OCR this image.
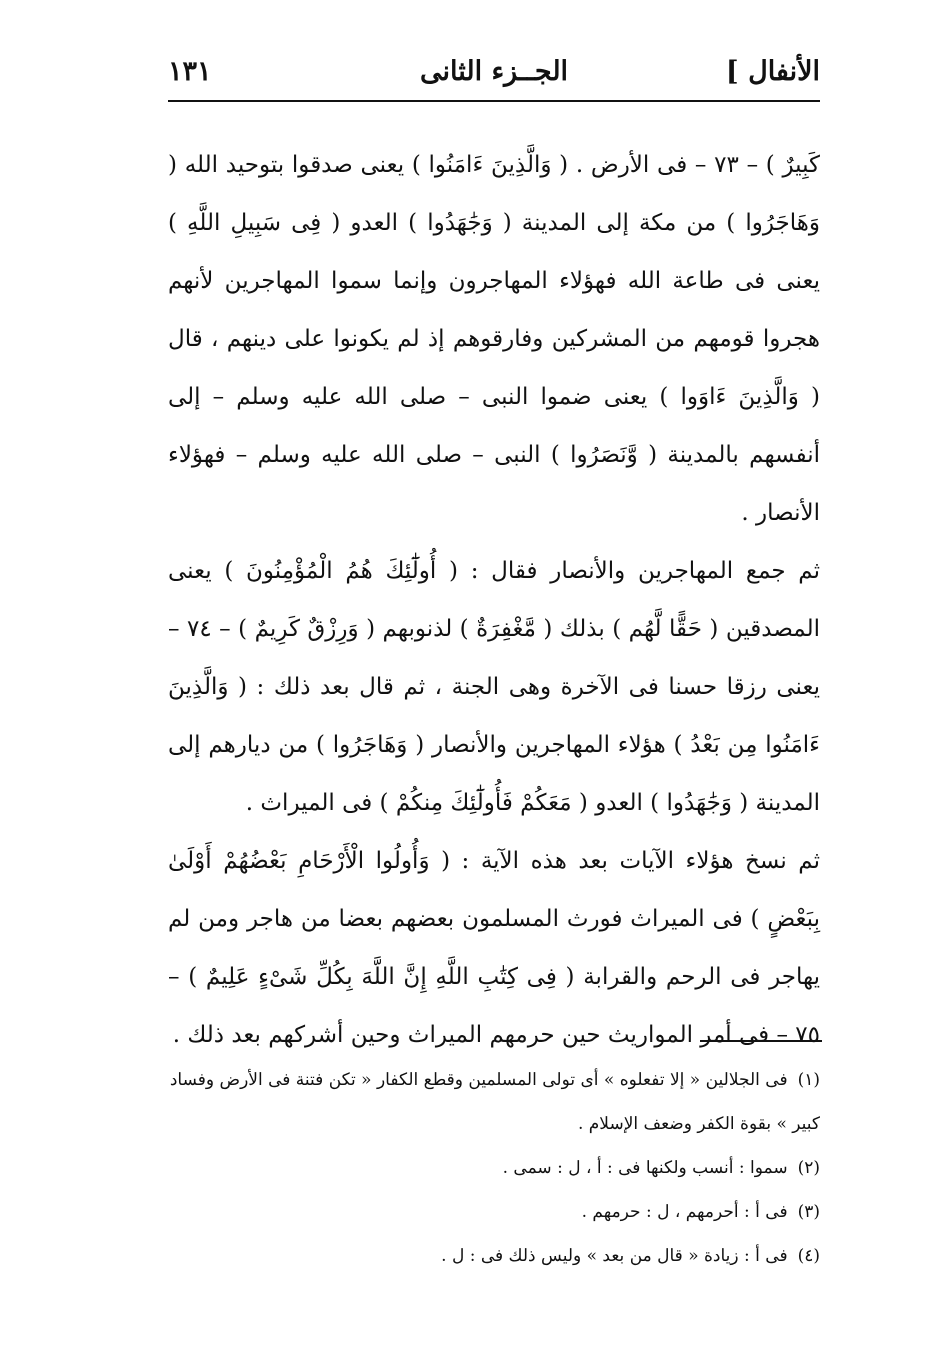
الأنفال ]
الجــزء الثانى
١٣١

كَبِيرٌ ) – ٧٣ – فى الأرض . ( وَالَّذِينَ ءَامَنُوا ) يعنى صدقوا بتوحيد الله ( وَهَاجَرُوا ) من مكة إلى المدينة ( وَجَٰهَدُوا ) العدو ( فِى سَبِيلِ اللَّهِ ) يعنى فى طاعة الله فهؤلاء المهاجرون وإنما سموا المهاجرين لأنهم هجروا قومهم من المشركين وفارقوهم إذ لم يكونوا على دينهم ، قال ( وَالَّذِينَ ءَاوَوا ) يعنى ضموا النبى – صلى الله عليه وسلم – إلى أنفسهم بالمدينة ( وَّنَصَرُوا ) النبى – صلى الله عليه وسلم – فهؤلاء الأنصار .

ثم جمع المهاجرين والأنصار فقال : ( أُولَٰٓئِكَ هُمُ الْمُؤْمِنُونَ ) يعنى المصدقين ( حَقًّا لَّهُم ) بذلك ( مَّغْفِرَةٌ ) لذنوبهم ( وَرِزْقٌ كَرِيمٌ ) – ٧٤ – يعنى رزقا حسنا فى الآخرة وهى الجنة ، ثم قال بعد ذلك : ( وَالَّذِينَ ءَامَنُوا مِن بَعْدُ ) هؤلاء المهاجرين والأنصار ( وَهَاجَرُوا ) من ديارهم إلى المدينة ( وَجَٰهَدُوا ) العدو ( مَعَكُمْ فَأُولَٰٓئِكَ مِنكُمْ ) فى الميراث .

ثم نسخ هؤلاء الآيات بعد هذه الآية : ( وَأُولُوا الْأَرْحَامِ بَعْضُهُمْ أَوْلَىٰ بِبَعْضٍ ) فى الميراث فورث المسلمون بعضهم بعضا من هاجر ومن لم يهاجر فى الرحم والقرابة ( فِى كِتَٰبِ اللَّهِ إِنَّ اللَّهَ بِكُلِّ شَىْءٍ عَلِيمٌ ) – ٧٥ – فى أمر المواريث حين حرمهم الميراث وحين أشركهم بعد ذلك .

(١)فى الجلالين « إلا تفعلوه » أى تولى المسلمين وقطع الكفار « تكن فتنة فى الأرض وفساد كبير » بقوة الكفر وضعف الإسلام .

(٢)سموا : أنسب ولكنها فى : أ ، ل : سمى .

(٣)فى أ : أحرمهم ، ل : حرمهم .

(٤)فى أ : زيادة « قال من بعد » وليس ذلك فى : ل .
